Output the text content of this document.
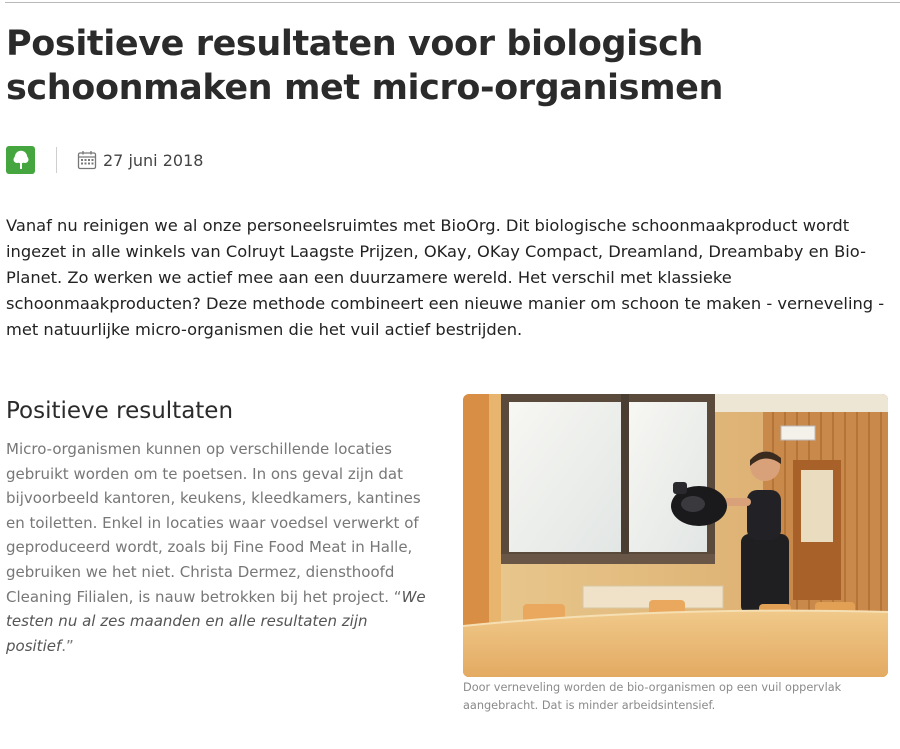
Positieve resultaten voor biologisch schoonmaken met micro-organismen
27 juni 2018

Vanaf nu reinigen we al onze personeelsruimtes met BioOrg. Dit biologische schoonmaakproduct wordt ingezet in alle winkels van Colruyt Laagste Prijzen, OKay, OKay Compact, Dreamland, Dreambaby en Bio-Planet. Zo werken we actief mee aan een duurzamere wereld. Het verschil met klassieke schoonmaakproducten? Deze methode combineert een nieuwe manier om schoon te maken - verneveling - met natuurlijke micro-organismen die het vuil actief bestrijden.

Positieve resultaten

Micro-organismen kunnen op verschillende locaties gebruikt worden om te poetsen. In ons geval zijn dat bijvoorbeeld kantoren, keukens, kleedkamers, kantines en toiletten. Enkel in locaties waar voedsel verwerkt of geproduceerd wordt, zoals bij Fine Food Meat in Halle, gebruiken we het niet. Christa Dermez, diensthoofd Cleaning Filialen, is nauw betrokken bij het project. “We testen nu al zes maanden en alle resultaten zijn positief.”

Door verneveling worden de bio-organismen op een vuil oppervlak aangebracht. Dat is minder arbeidsintensief.
